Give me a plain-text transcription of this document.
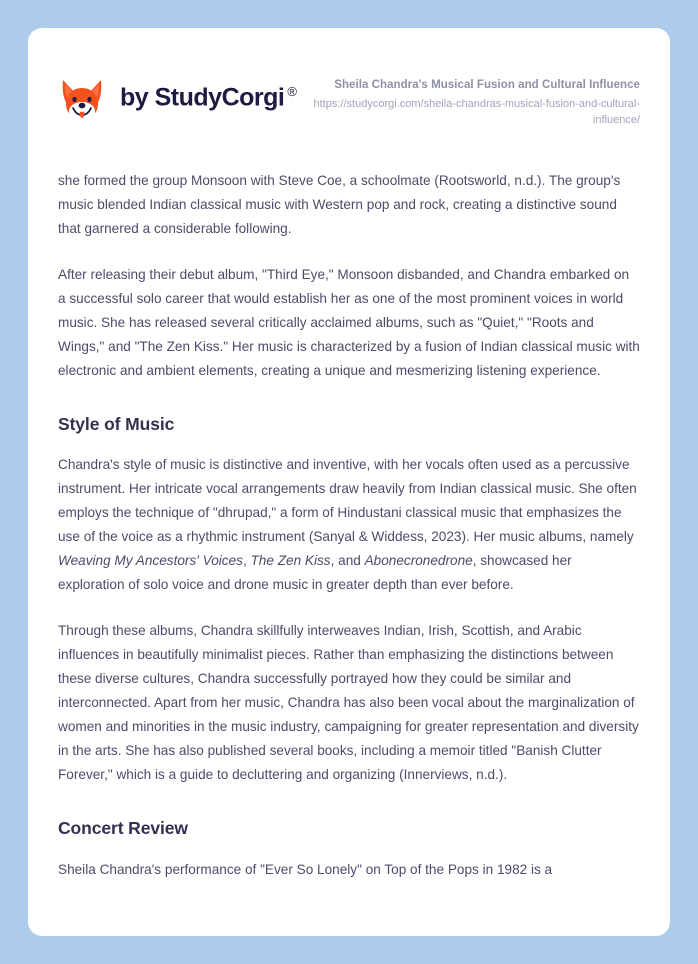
by StudyCorgi ®	Sheila Chandra's Musical Fusion and Cultural Influence
https://studycorgi.com/sheila-chandras-musical-fusion-and-cultural-influence/

she formed the group Monsoon with Steve Coe, a schoolmate (Rootsworld, n.d.). The group's music blended Indian classical music with Western pop and rock, creating a distinctive sound that garnered a considerable following.

After releasing their debut album, "Third Eye," Monsoon disbanded, and Chandra embarked on a successful solo career that would establish her as one of the most prominent voices in world music. She has released several critically acclaimed albums, such as "Quiet," "Roots and Wings," and "The Zen Kiss." Her music is characterized by a fusion of Indian classical music with electronic and ambient elements, creating a unique and mesmerizing listening experience.

Style of Music

Chandra's style of music is distinctive and inventive, with her vocals often used as a percussive instrument. Her intricate vocal arrangements draw heavily from Indian classical music. She often employs the technique of "dhrupad," a form of Hindustani classical music that emphasizes the use of the voice as a rhythmic instrument (Sanyal & Widdess, 2023). Her music albums, namely Weaving My Ancestors' Voices, The Zen Kiss, and Abonecronedrone, showcased her exploration of solo voice and drone music in greater depth than ever before.

Through these albums, Chandra skillfully interweaves Indian, Irish, Scottish, and Arabic influences in beautifully minimalist pieces. Rather than emphasizing the distinctions between these diverse cultures, Chandra successfully portrayed how they could be similar and interconnected. Apart from her music, Chandra has also been vocal about the marginalization of women and minorities in the music industry, campaigning for greater representation and diversity in the arts. She has also published several books, including a memoir titled "Banish Clutter Forever," which is a guide to decluttering and organizing (Innerviews, n.d.).

Concert Review

Sheila Chandra's performance of "Ever So Lonely" on Top of the Pops in 1982 is a
